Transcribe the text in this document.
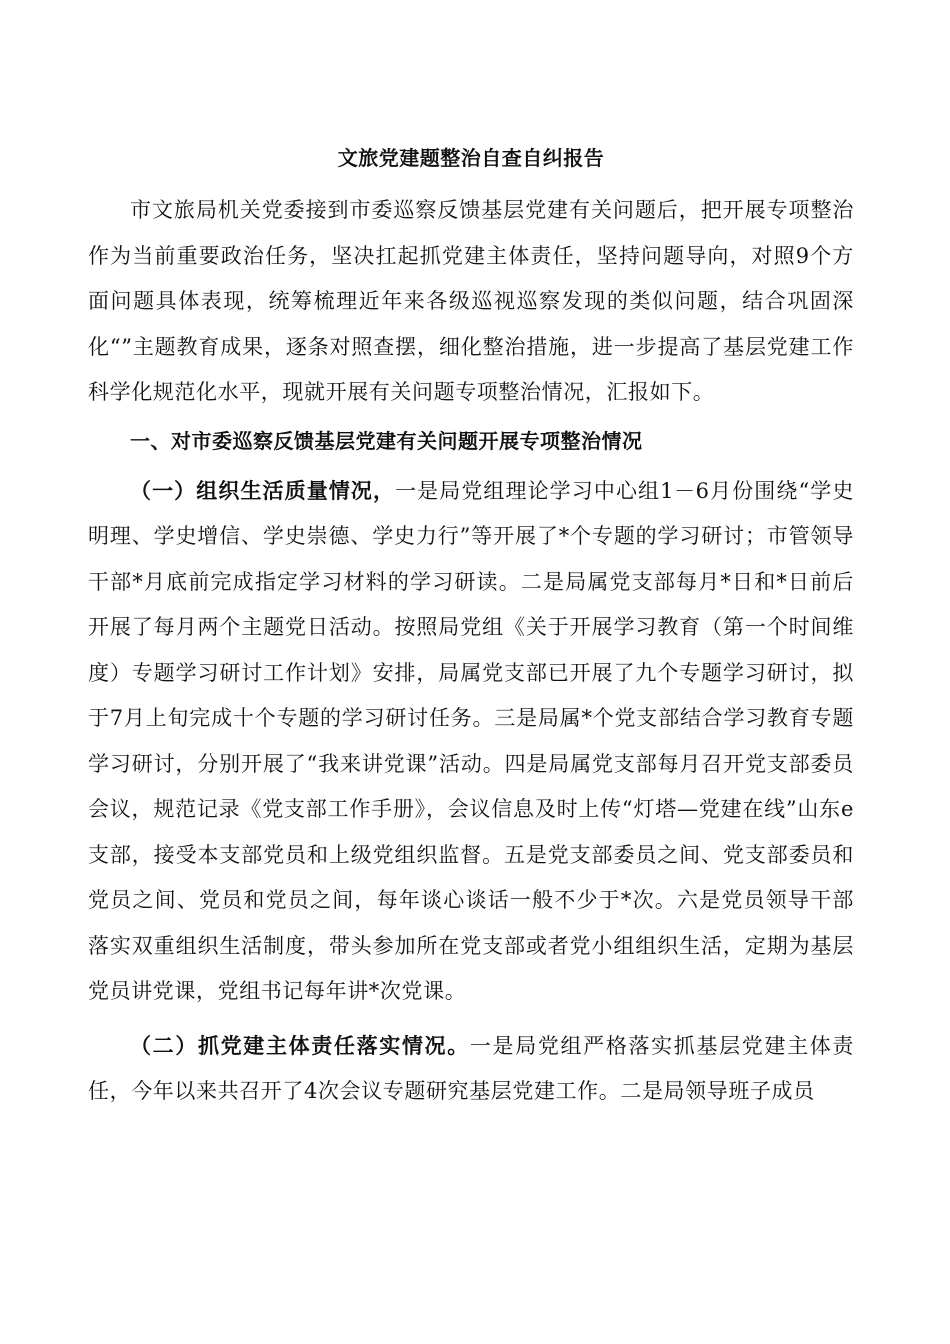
文旅党建题整治自查自纠报告

市文旅局机关党委接到市委巡察反馈基层党建有关问题后，把开展专项整治作为当前重要政治任务，坚决扛起抓党建主体责任，坚持问题导向，对照9个方面问题具体表现，统筹梳理近年来各级巡视巡察发现的类似问题，结合巩固深化“”主题教育成果，逐条对照查摆，细化整治措施，进一步提高了基层党建工作科学化规范化水平，现就开展有关问题专项整治情况，汇报如下。

一、对市委巡察反馈基层党建有关问题开展专项整治情况

（一）组织生活质量情况，一是局党组理论学习中心组1－6月份围绕“学史明理、学史增信、学史崇德、学史力行”等开展了*个专题的学习研讨；市管领导干部*月底前完成指定学习材料的学习研读。二是局属党支部每月*日和*日前后开展了每月两个主题党日活动。按照局党组《关于开展学习教育（第一个时间维度）专题学习研讨工作计划》安排，局属党支部已开展了九个专题学习研讨，拟于7月上旬完成十个专题的学习研讨任务。三是局属*个党支部结合学习教育专题学习研讨，分别开展了“我来讲党课”活动。四是局属党支部每月召开党支部委员会议，规范记录《党支部工作手册》，会议信息及时上传“灯塔—党建在线”山东e支部，接受本支部党员和上级党组织监督。五是党支部委员之间、党支部委员和党员之间、党员和党员之间，每年谈心谈话一般不少于*次。六是党员领导干部落实双重组织生活制度，带头参加所在党支部或者党小组组织生活，定期为基层党员讲党课，党组书记每年讲*次党课。

（二）抓党建主体责任落实情况。一是局党组严格落实抓基层党建主体责任，今年以来共召开了4次会议专题研究基层党建工作。二是局领导班子成员
